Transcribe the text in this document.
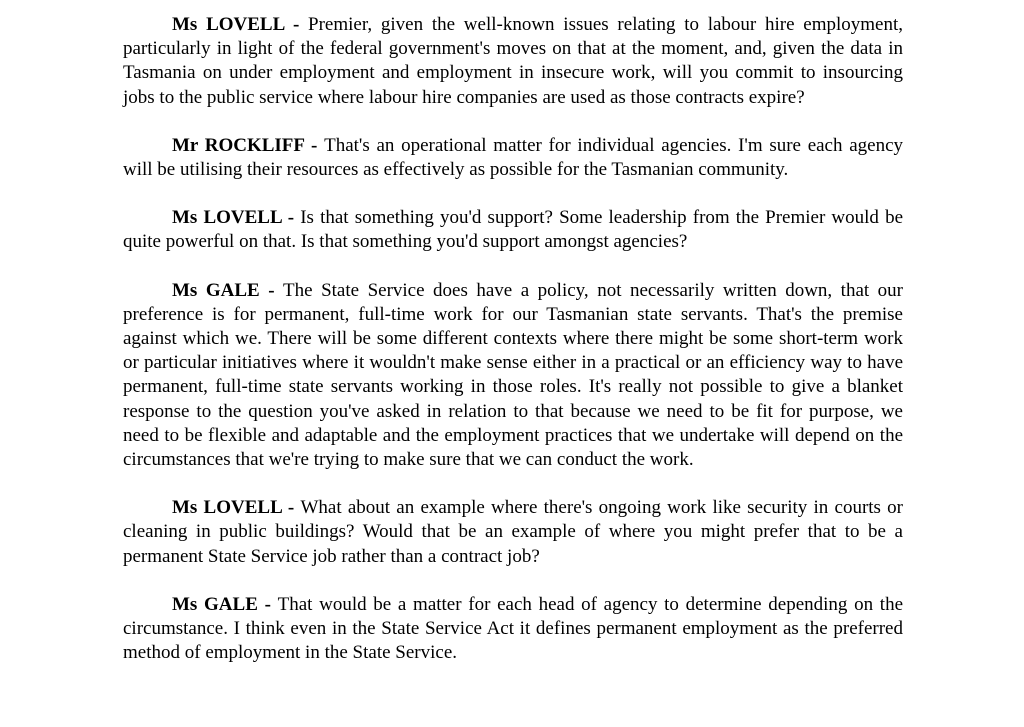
Ms LOVELL - Premier, given the well-known issues relating to labour hire employment, particularly in light of the federal government's moves on that at the moment, and, given the data in Tasmania on under employment and employment in insecure work, will you commit to insourcing jobs to the public service where labour hire companies are used as those contracts expire?

Mr ROCKLIFF - That's an operational matter for individual agencies. I'm sure each agency will be utilising their resources as effectively as possible for the Tasmanian community.

Ms LOVELL - Is that something you'd support? Some leadership from the Premier would be quite powerful on that. Is that something you'd support amongst agencies?

Ms GALE - The State Service does have a policy, not necessarily written down, that our preference is for permanent, full-time work for our Tasmanian state servants. That's the premise against which we. There will be some different contexts where there might be some short-term work or particular initiatives where it wouldn't make sense either in a practical or an efficiency way to have permanent, full-time state servants working in those roles. It's really not possible to give a blanket response to the question you've asked in relation to that because we need to be fit for purpose, we need to be flexible and adaptable and the employment practices that we undertake will depend on the circumstances that we're trying to make sure that we can conduct the work.

Ms LOVELL - What about an example where there's ongoing work like security in courts or cleaning in public buildings? Would that be an example of where you might prefer that to be a permanent State Service job rather than a contract job?

Ms GALE - That would be a matter for each head of agency to determine depending on the circumstance. I think even in the State Service Act it defines permanent employment as the preferred method of employment in the State Service.
